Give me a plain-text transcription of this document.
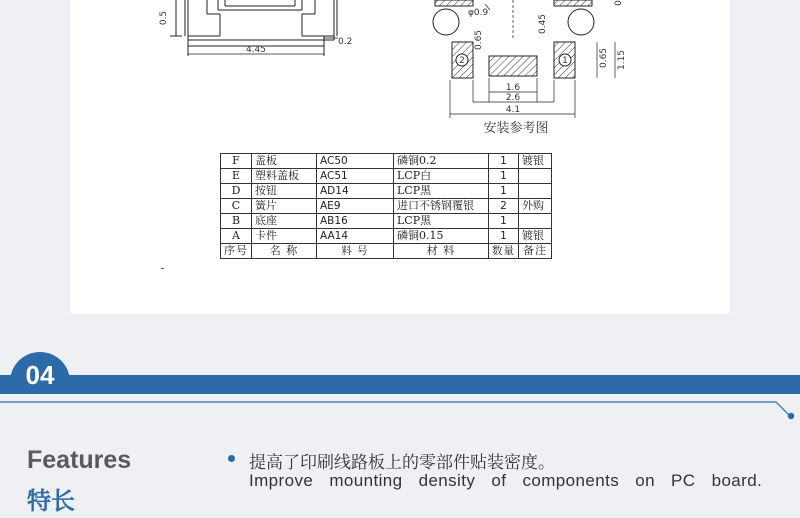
0.5
4.45
0.2
φ0.9
0.45
0.65
0.65 1.15
0
2	1
1.6
2.6
4.1
安装参考图
F	盖板	AC50	磷铜0.2	1	镀银
E	塑料盖板	AC51	LCP白	1	
D	按钮	AD14	LCP黑	1	
C	簧片	AE9	进口不锈钢覆银	2	外购
B	底座	AB16	LCP黑	1	
A	卡件	AA14	磷铜0.15	1	镀银
序号	名 称	料 号	材 料	数量	备注
04
Features
特长
提高了印刷线路板上的零部件贴装密度。
Improve mounting density of components on PC board.
